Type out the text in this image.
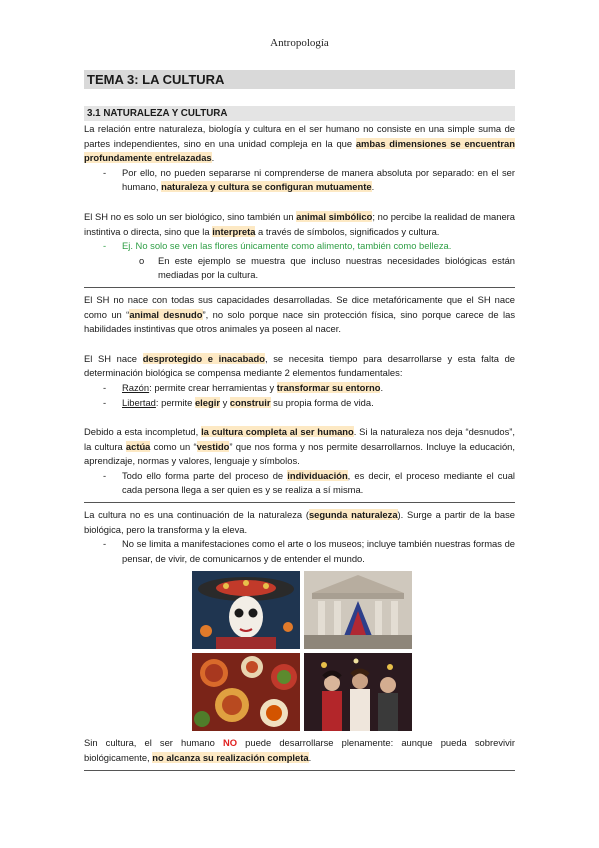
Antropología
TEMA 3: LA CULTURA
3.1 NATURALEZA Y CULTURA

La relación entre naturaleza, biología y cultura en el ser humano no consiste en una simple suma de partes independientes, sino en una unidad compleja en la que ambas dimensiones se encuentran profundamente entrelazadas.

- Por ello, no pueden separarse ni comprenderse de manera absoluta por separado: en el ser humano, naturaleza y cultura se configuran mutuamente.

El SH no es solo un ser biológico, sino también un animal simbólico; no percibe la realidad de manera instintiva o directa, sino que la interpreta a través de símbolos, significados y cultura.

- Ej. No solo se ven las flores únicamente como alimento, también como belleza.
o En este ejemplo se muestra que incluso nuestras necesidades biológicas están mediadas por la cultura.

El SH no nace con todas sus capacidades desarrolladas. Se dice metafóricamente que el SH nace como un “animal desnudo”, no solo porque nace sin protección física, sino porque carece de las habilidades instintivas que otros animales ya poseen al nacer.

El SH nace desprotegido e inacabado, se necesita tiempo para desarrollarse y esta falta de determinación biológica se compensa mediante 2 elementos fundamentales:

- Razón: permite crear herramientas y transformar su entorno.
- Libertad: permite elegir y construir su propia forma de vida.

Debido a esta incompletud, la cultura completa al ser humano. Si la naturaleza nos deja “desnudos”, la cultura actúa como un “vestido” que nos forma y nos permite desarrollarnos. Incluye la educación, aprendizaje, normas y valores, lenguaje y símbolos.

- Todo ello forma parte del proceso de individuación, es decir, el proceso mediante el cual cada persona llega a ser quien es y se realiza a sí misma.

La cultura no es una continuación de la naturaleza (segunda naturaleza). Surge a partir de la base biológica, pero la transforma y la eleva.

- No se limita a manifestaciones como el arte o los museos; incluye también nuestras formas de pensar, de vivir, de comunicarnos y de entender el mundo.

Sin cultura, el ser humano NO puede desarrollarse plenamente: aunque pueda sobrevivir biológicamente, no alcanza su realización completa.
